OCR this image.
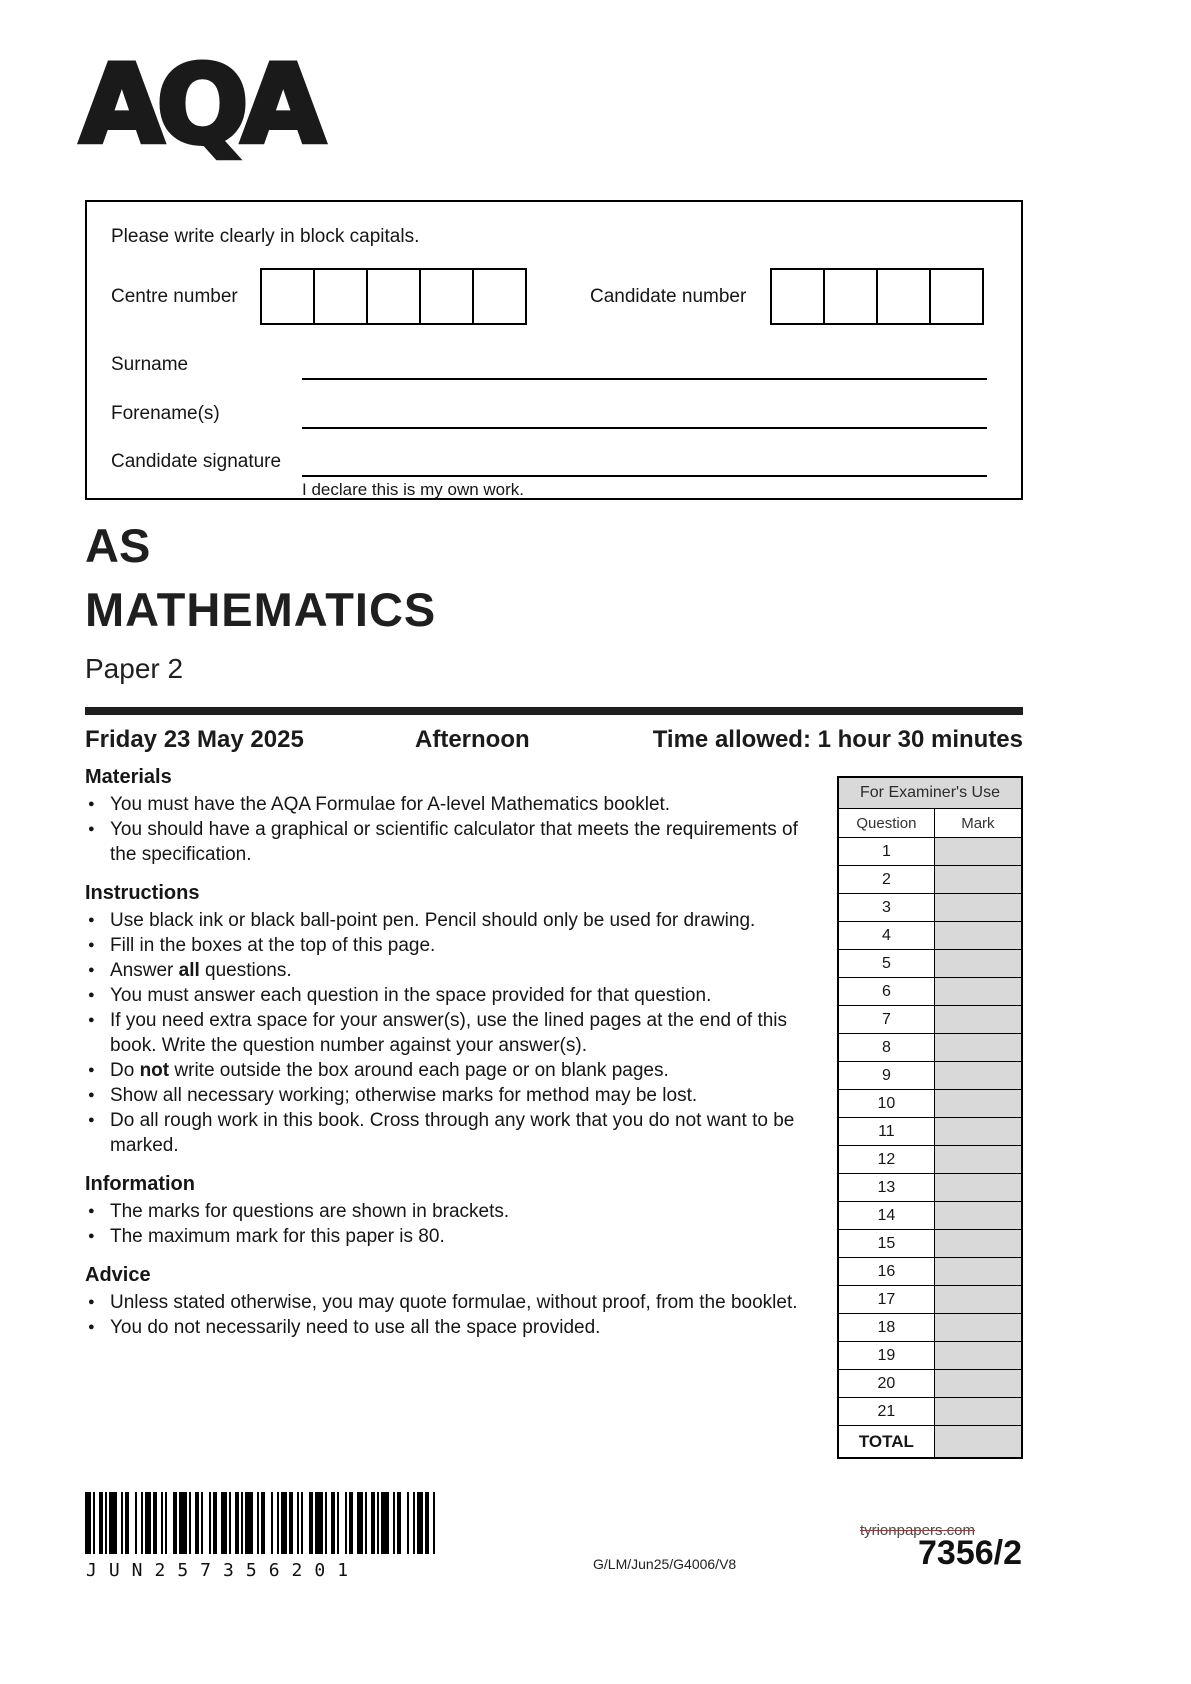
AQA
Please write clearly in block capitals.
Centre number	Candidate number
Surname
Forename(s)
Candidate signature
I declare this is my own work.
AS
MATHEMATICS
Paper 2
Friday 23 May 2025	Afternoon	Time allowed: 1 hour 30 minutes
Materials
● You must have the AQA Formulae for A-level Mathematics booklet.
● You should have a graphical or scientific calculator that meets the requirements of the specification.
Instructions
● Use black ink or black ball-point pen. Pencil should only be used for drawing.
● Fill in the boxes at the top of this page.
● Answer all questions.
● You must answer each question in the space provided for that question.
● If you need extra space for your answer(s), use the lined pages at the end of this book. Write the question number against your answer(s).
● Do not write outside the box around each page or on blank pages.
● Show all necessary working; otherwise marks for method may be lost.
● Do all rough work in this book. Cross through any work that you do not want to be marked.
Information
● The marks for questions are shown in brackets.
● The maximum mark for this paper is 80.
Advice
● Unless stated otherwise, you may quote formulae, without proof, from the booklet.
● You do not necessarily need to use all the space provided.
For Examiner's Use	
Question	Mark
1	
2	
3	
4	
5	
6	
7	
8	
9	
10	
11	
12	
13	
14	
15	
16	
17	
18	
19	
20	
21	
TOTAL	
JUN257356201	G/LM/Jun25/G4006/V8
tyrionpapers.com
7356/2
